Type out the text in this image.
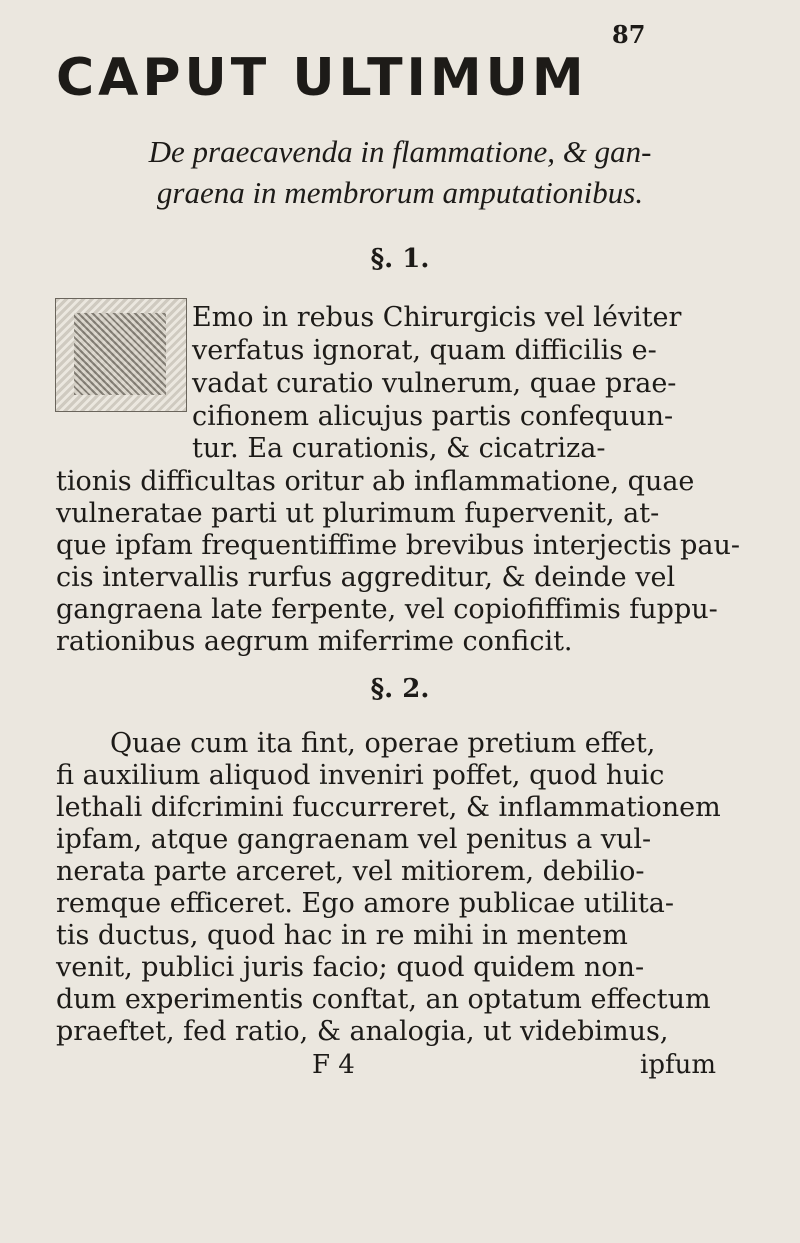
87
CAPUT ULTIMUM
De praecavenda in flammatione, & gan-
graena in membrorum amputationibus.
§. 1.
Emo in rebus Chirurgicis vel léviter
verfatus ignorat, quam difficilis e-
vadat curatio vulnerum, quae prae-
cifionem alicujus partis confequun-
tur. Ea curationis, & cicatriza-
tionis difficultas oritur ab inflammatione, quae
vulneratae parti ut plurimum fupervenit, at-
que ipfam frequentiffime brevibus interjectis pau-
cis intervallis rurfus aggreditur, & deinde vel
gangraena late ferpente, vel copiofiffimis fuppu-
rationibus aegrum miferrime conficit.
§. 2.
Quae cum ita fint, operae pretium effet,
fi auxilium aliquod inveniri poffet, quod huic
lethali difcrimini fuccurreret, & inflammationem
ipfam, atque gangraenam vel penitus a vul-
nerata parte arceret, vel mitiorem, debilio-
remque efficeret. Ego amore publicae utilita-
tis ductus, quod hac in re mihi in mentem
venit, publici juris facio; quod quidem non-
dum experimentis conftat, an optatum effectum
praeftet, fed ratio, & analogia, ut videbimus,
F 4	ipfum
